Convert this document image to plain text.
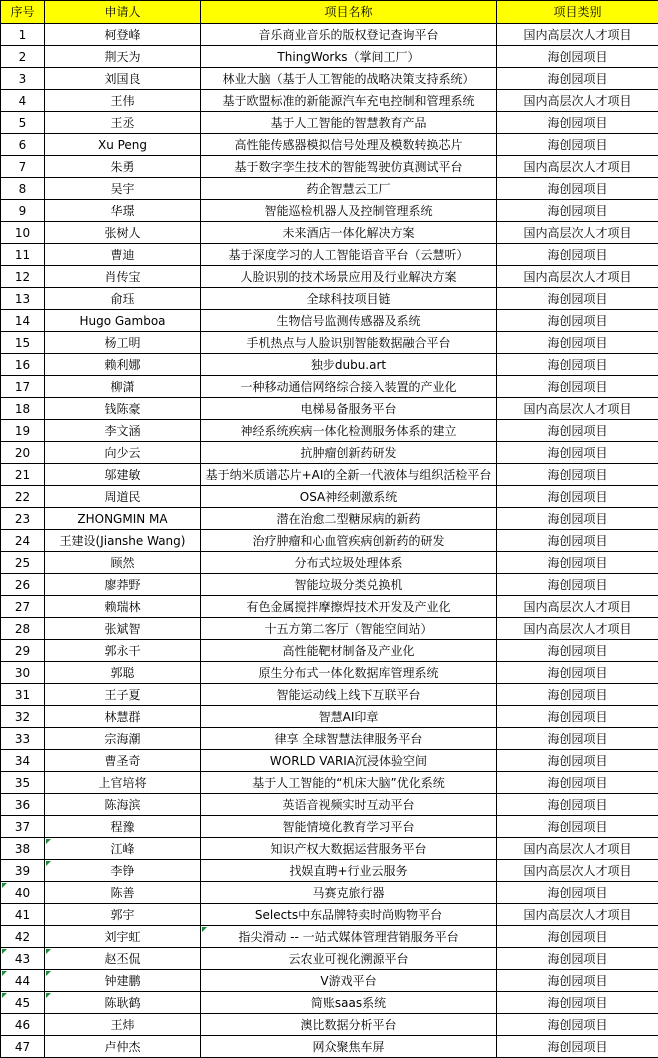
序号	申请人	项目名称	项目类别
1	柯登峰	音乐商业音乐的版权登记查询平台	国内高层次人才项目
2	荆天为	ThingWorks（掌间工厂）	海创园项目
3	刘国良	林业大脑（基于人工智能的战略决策支持系统）	海创园项目
4	王伟	基于欧盟标准的新能源汽车充电控制和管理系统	国内高层次人才项目
5	王丞	基于人工智能的智慧教育产品	海创园项目
6	Xu Peng	高性能传感器模拟信号处理及模数转换芯片	海创园项目
7	朱勇	基于数字孪生技术的智能驾驶仿真测试平台	国内高层次人才项目
8	吴宇	药企智慧云工厂	海创园项目
9	华璟	智能巡检机器人及控制管理系统	海创园项目
10	张树人	未来酒店一体化解决方案	国内高层次人才项目
11	曹迪	基于深度学习的人工智能语音平台（云慧听）	海创园项目
12	肖传宝	人脸识别的技术场景应用及行业解决方案	国内高层次人才项目
13	俞珏	全球科技项目链	海创园项目
14	Hugo Gamboa	生物信号监测传感器及系统	海创园项目
15	杨工明	手机热点与人脸识别智能数据融合平台	海创园项目
16	赖利娜	独步dubu.art	海创园项目
17	柳潇	一种移动通信网络综合接入装置的产业化	海创园项目
18	钱陈豪	电梯易备服务平台	国内高层次人才项目
19	李文涵	神经系统疾病一体化检测服务体系的建立	海创园项目
20	向少云	抗肿瘤创新药研发	海创园项目
21	邬建敏	基于纳米质谱芯片+AI的全新一代液体与组织活检平台	海创园项目
22	周道民	OSA神经刺激系统	海创园项目
23	ZHONGMIN MA	潜在治愈二型糖尿病的新药	海创园项目
24	王建设(Jianshe Wang)	治疗肿瘤和心血管疾病创新药的研发	海创园项目
25	顾然	分布式垃圾处理体系	海创园项目
26	廖莽野	智能垃圾分类兑换机	海创园项目
27	赖瑞林	有色金属搅拌摩擦焊技术开发及产业化	国内高层次人才项目
28	张斌智	十五方第二客厅（智能空间站）	国内高层次人才项目
29	郭永干	高性能靶材制备及产业化	海创园项目
30	郭聪	原生分布式一体化数据库管理系统	海创园项目
31	王子夏	智能运动线上线下互联平台	海创园项目
32	林慧群	智慧AI印章	海创园项目
33	宗海潮	律享 全球智慧法律服务平台	海创园项目
34	曹圣奇	WORLD VARIA沉浸体验空间	海创园项目
35	上官培将	基于人工智能的“机床大脑”优化系统	海创园项目
36	陈海滨	英语音视频实时互动平台	海创园项目
37	程豫	智能情境化教育学习平台	海创园项目
38	江峰	知识产权大数据运营服务平台	国内高层次人才项目
39	李铮	找娱直聘+行业云服务	国内高层次人才项目
40	陈善	马赛克旅行器	海创园项目
41	郭宇	Selects中东品牌特卖时尚购物平台	国内高层次人才项目
42	刘宇虹	指尖滑动 -- 一站式媒体管理营销服务平台	海创园项目
43	赵丕侃	云农业可视化溯源平台	海创园项目
44	钟建鹏	V游戏平台	海创园项目
45	陈耿鹤	简账saas系统	海创园项目
46	王炜	澳比数据分析平台	海创园项目
47	卢仲杰	网众聚焦车屏	海创园项目
